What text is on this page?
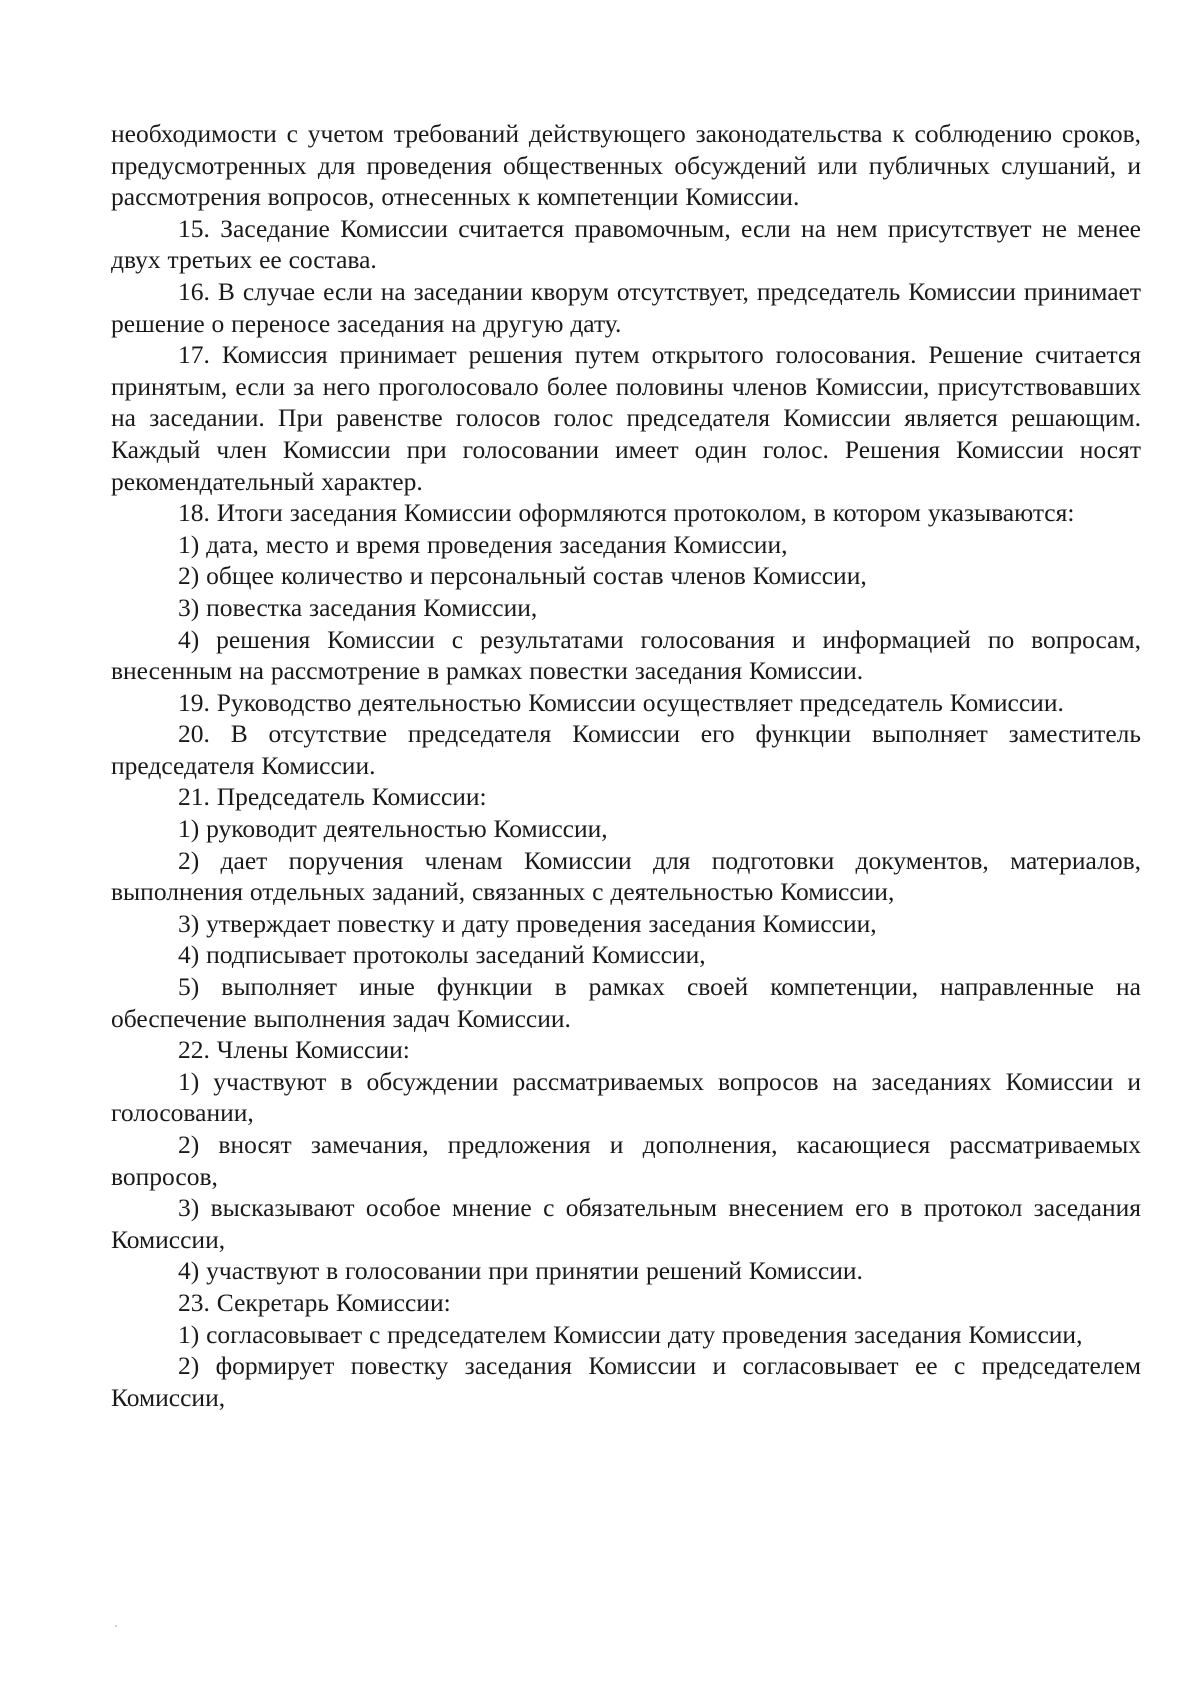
необходимости с учетом требований действующего законодательства к соблюдению сроков, предусмотренных для проведения общественных обсуждений или публичных слушаний, и рассмотрения вопросов, отнесенных к компетенции Комиссии.

15. Заседание Комиссии считается правомочным, если на нем присутствует не менее двух третьих ее состава.

16. В случае если на заседании кворум отсутствует, председатель Комиссии принимает решение о переносе заседания на другую дату.

17. Комиссия принимает решения путем открытого голосования. Решение считается принятым, если за него проголосовало более половины членов Комиссии, присутствовавших на заседании. При равенстве голосов голос председателя Комиссии является решающим. Каждый член Комиссии при голосовании имеет один голос. Решения Комиссии носят рекомендательный характер.

18. Итоги заседания Комиссии оформляются протоколом, в котором указываются:

1) дата, место и время проведения заседания Комиссии,

2) общее количество и персональный состав членов Комиссии,

3) повестка заседания Комиссии,

4) решения Комиссии с результатами голосования и информацией по вопросам, внесенным на рассмотрение в рамках повестки заседания Комиссии.

19. Руководство деятельностью Комиссии осуществляет председатель Комиссии.

20. В отсутствие председателя Комиссии его функции выполняет заместитель председателя Комиссии.

21. Председатель Комиссии:

1) руководит деятельностью Комиссии,

2) дает поручения членам Комиссии для подготовки документов, материалов, выполнения отдельных заданий, связанных с деятельностью Комиссии,

3) утверждает повестку и дату проведения заседания Комиссии,

4) подписывает протоколы заседаний Комиссии,

5) выполняет иные функции в рамках своей компетенции, направленные на обеспечение выполнения задач Комиссии.

22. Члены Комиссии:

1) участвуют в обсуждении рассматриваемых вопросов на заседаниях Комиссии и голосовании,

2) вносят замечания, предложения и дополнения, касающиеся рассматриваемых вопросов,

3) высказывают особое мнение с обязательным внесением его в протокол заседания Комиссии,

4) участвуют в голосовании при принятии решений Комиссии.

23. Секретарь Комиссии:

1) согласовывает с председателем Комиссии дату проведения заседания Комиссии,

2) формирует повестку заседания Комиссии и согласовывает ее с председателем Комиссии,
